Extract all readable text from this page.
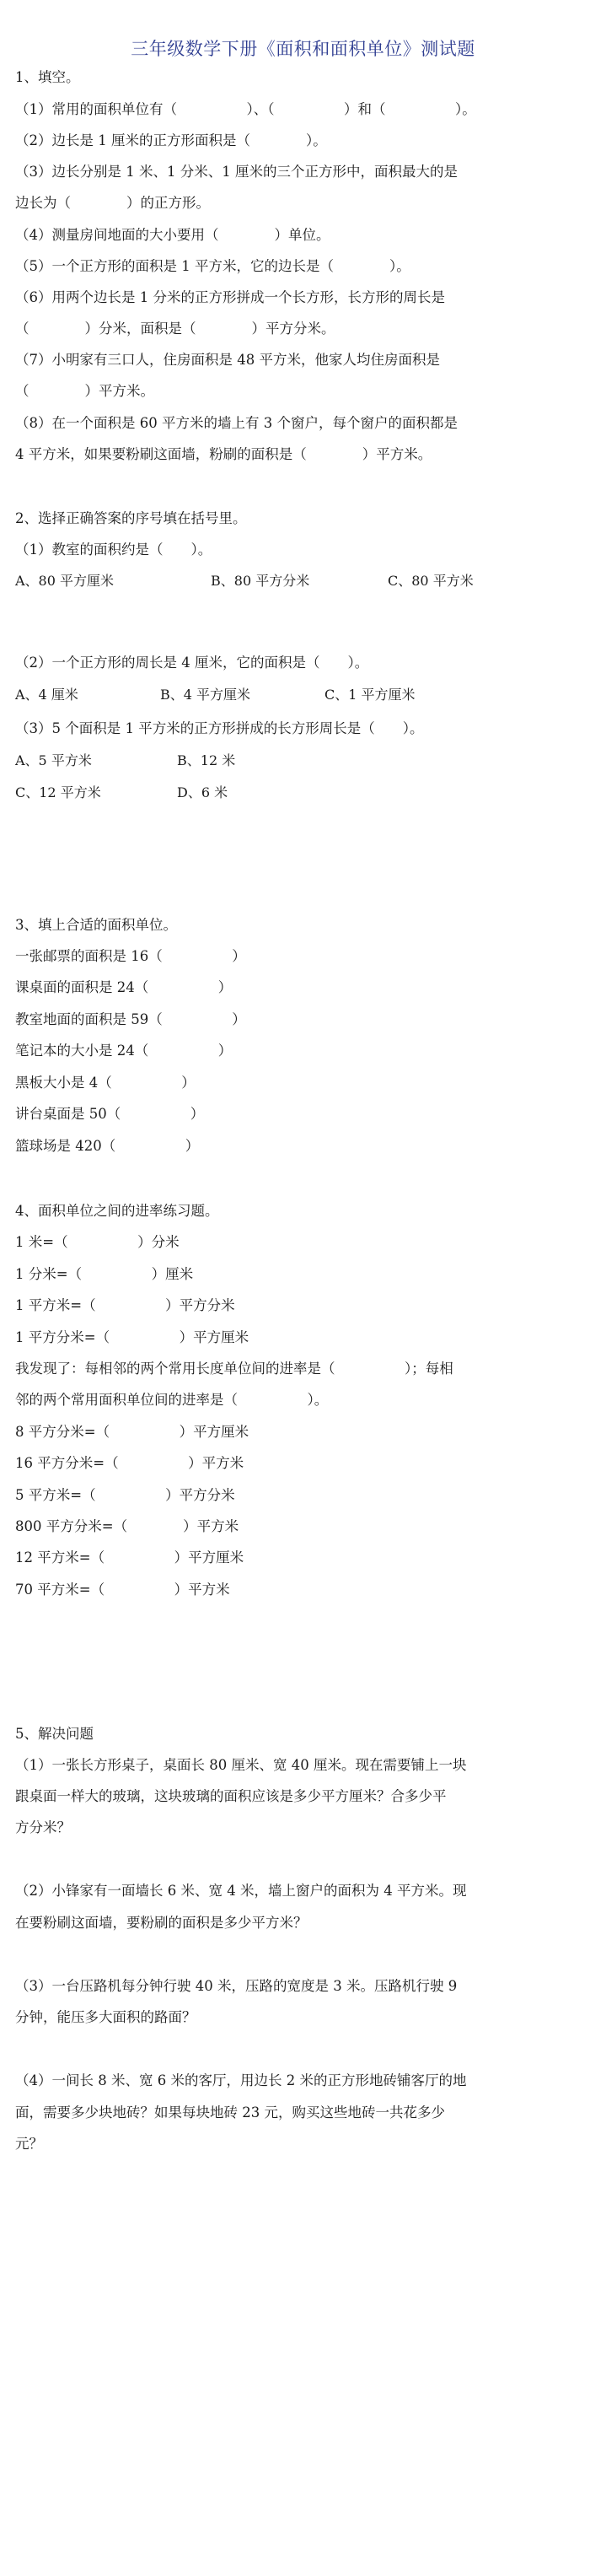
三年级数学下册《面积和面积单位》测试题
1、填空。
（1）常用的面积单位有（　　　　　）、（　　　　　）和（　　　　　）。
（2）边长是 1 厘米的正方形面积是（　　　　）。
（3）边长分别是 1 米、1 分米、1 厘米的三个正方形中，面积最大的是
边长为（　　　　）的正方形。
（4）测量房间地面的大小要用（　　　　）单位。
（5）一个正方形的面积是 1 平方米，它的边长是（　　　　）。
（6）用两个边长是 1 分米的正方形拼成一个长方形，长方形的周长是
（　　　　）分米，面积是（　　　　）平方分米。
（7）小明家有三口人，住房面积是 48 平方米，他家人均住房面积是
（　　　　）平方米。
（8）在一个面积是 60 平方米的墙上有 3 个窗户，每个窗户的面积都是
4 平方米，如果要粉刷这面墙，粉刷的面积是（　　　　）平方米。
2、选择正确答案的序号填在括号里。
（1）教室的面积约是（　　）。
A、80 平方厘米	B、80 平方分米	C、80 平方米
（2）一个正方形的周长是 4 厘米，它的面积是（　　）。
A、4 厘米	B、4 平方厘米	C、1 平方厘米
（3）5 个面积是 1 平方米的正方形拼成的长方形周长是（　　）。
A、5 平方米	B、12 米
C、12 平方米	D、6 米
3、填上合适的面积单位。
一张邮票的面积是 16（　　　　　）
课桌面的面积是 24（　　　　　）
教室地面的面积是 59（　　　　　）
笔记本的大小是 24（　　　　　）
黑板大小是 4（　　　　　）
讲台桌面是 50（　　　　　）
篮球场是 420（　　　　　）
4、面积单位之间的进率练习题。
1 米=（　　　　　）分米
1 分米=（　　　　　）厘米
1 平方米=（　　　　　）平方分米
1 平方分米=（　　　　　）平方厘米
我发现了：每相邻的两个常用长度单位间的进率是（　　　　　）；每相
邻的两个常用面积单位间的进率是（　　　　　）。
8 平方分米=（　　　　　）平方厘米
16 平方分米=（　　　　　）平方米
5 平方米=（　　　　　）平方分米
800 平方分米=（　　　　）平方米
12 平方米=（　　　　　）平方厘米
70 平方米=（　　　　　）平方米
5、解决问题
（1）一张长方形桌子，桌面长 80 厘米、宽 40 厘米。现在需要铺上一块
跟桌面一样大的玻璃，这块玻璃的面积应该是多少平方厘米？合多少平
方分米？
（2）小锋家有一面墙长 6 米、宽 4 米，墙上窗户的面积为 4 平方米。现
在要粉刷这面墙，要粉刷的面积是多少平方米？
（3）一台压路机每分钟行驶 40 米，压路的宽度是 3 米。压路机行驶 9
分钟，能压多大面积的路面？
（4）一间长 8 米、宽 6 米的客厅，用边长 2 米的正方形地砖铺客厅的地
面，需要多少块地砖？如果每块地砖 23 元，购买这些地砖一共花多少
元？
